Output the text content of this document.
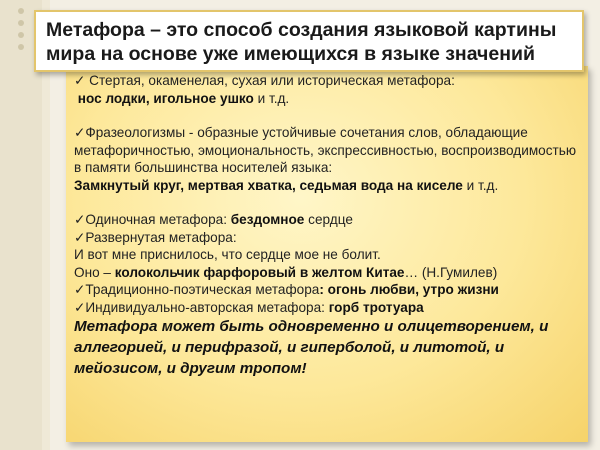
Метафора – это способ создания языковой картины мира на основе уже имеющихся в языке значений

✓ Стертая, окаменелая, сухая или историческая метафора:
нос лодки, игольное ушко и т.д.

✓Фразеологизмы - образные устойчивые сочетания слов, обладающие метафоричностью, эмоциональность, экспрессивностью, воспроизводимостью в памяти большинства носителей языка:
Замкнутый круг, мертвая хватка, седьмая вода на киселе и т.д.

✓Одиночная метафора: бездомное сердце

✓Развернутая метафора:
И вот мне приснилось, что сердце мое не болит.
Оно – колокольчик фарфоровый в желтом Китае… (Н.Гумилев)

✓Традиционно-поэтическая метафора: огонь любви, утро жизни

✓Индивидуально-авторская метафора: горб тротуара

Метафора может быть одновременно и олицетворением, и аллегорией, и перифразой, и гиперболой, и литотой, и мейозисом, и другим тропом!
